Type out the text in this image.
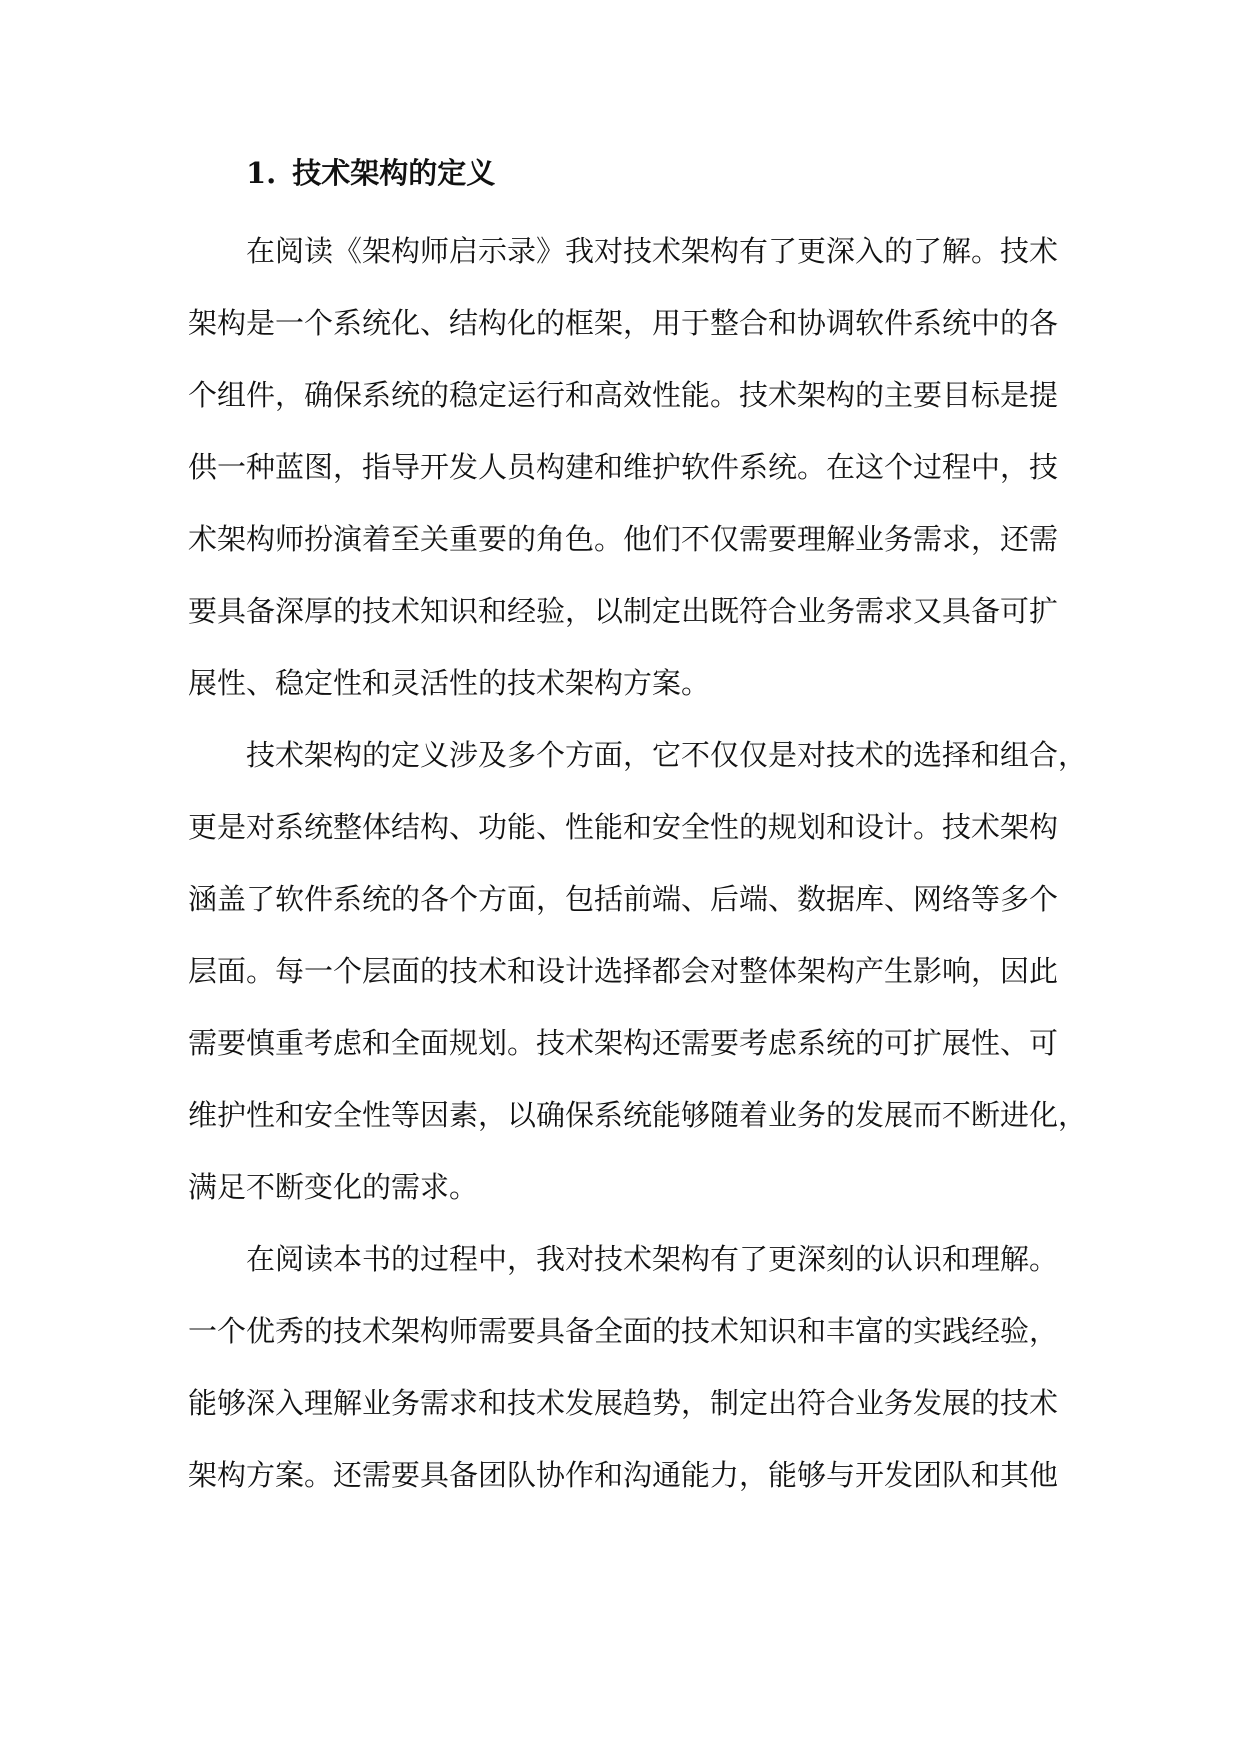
1. 技术架构的定义

在阅读《架构师启示录》我对技术架构有了更深入的了解。技术
架构是一个系统化、结构化的框架，用于整合和协调软件系统中的各
个组件，确保系统的稳定运行和高效性能。技术架构的主要目标是提
供一种蓝图，指导开发人员构建和维护软件系统。在这个过程中，技
术架构师扮演着至关重要的角色。他们不仅需要理解业务需求，还需
要具备深厚的技术知识和经验，以制定出既符合业务需求又具备可扩
展性、稳定性和灵活性的技术架构方案。

技术架构的定义涉及多个方面，它不仅仅是对技术的选择和组合，
更是对系统整体结构、功能、性能和安全性的规划和设计。技术架构
涵盖了软件系统的各个方面，包括前端、后端、数据库、网络等多个
层面。每一个层面的技术和设计选择都会对整体架构产生影响，因此
需要慎重考虑和全面规划。技术架构还需要考虑系统的可扩展性、可
维护性和安全性等因素，以确保系统能够随着业务的发展而不断进化，
满足不断变化的需求。

在阅读本书的过程中，我对技术架构有了更深刻的认识和理解。
一个优秀的技术架构师需要具备全面的技术知识和丰富的实践经验，
能够深入理解业务需求和技术发展趋势，制定出符合业务发展的技术
架构方案。还需要具备团队协作和沟通能力，能够与开发团队和其他
